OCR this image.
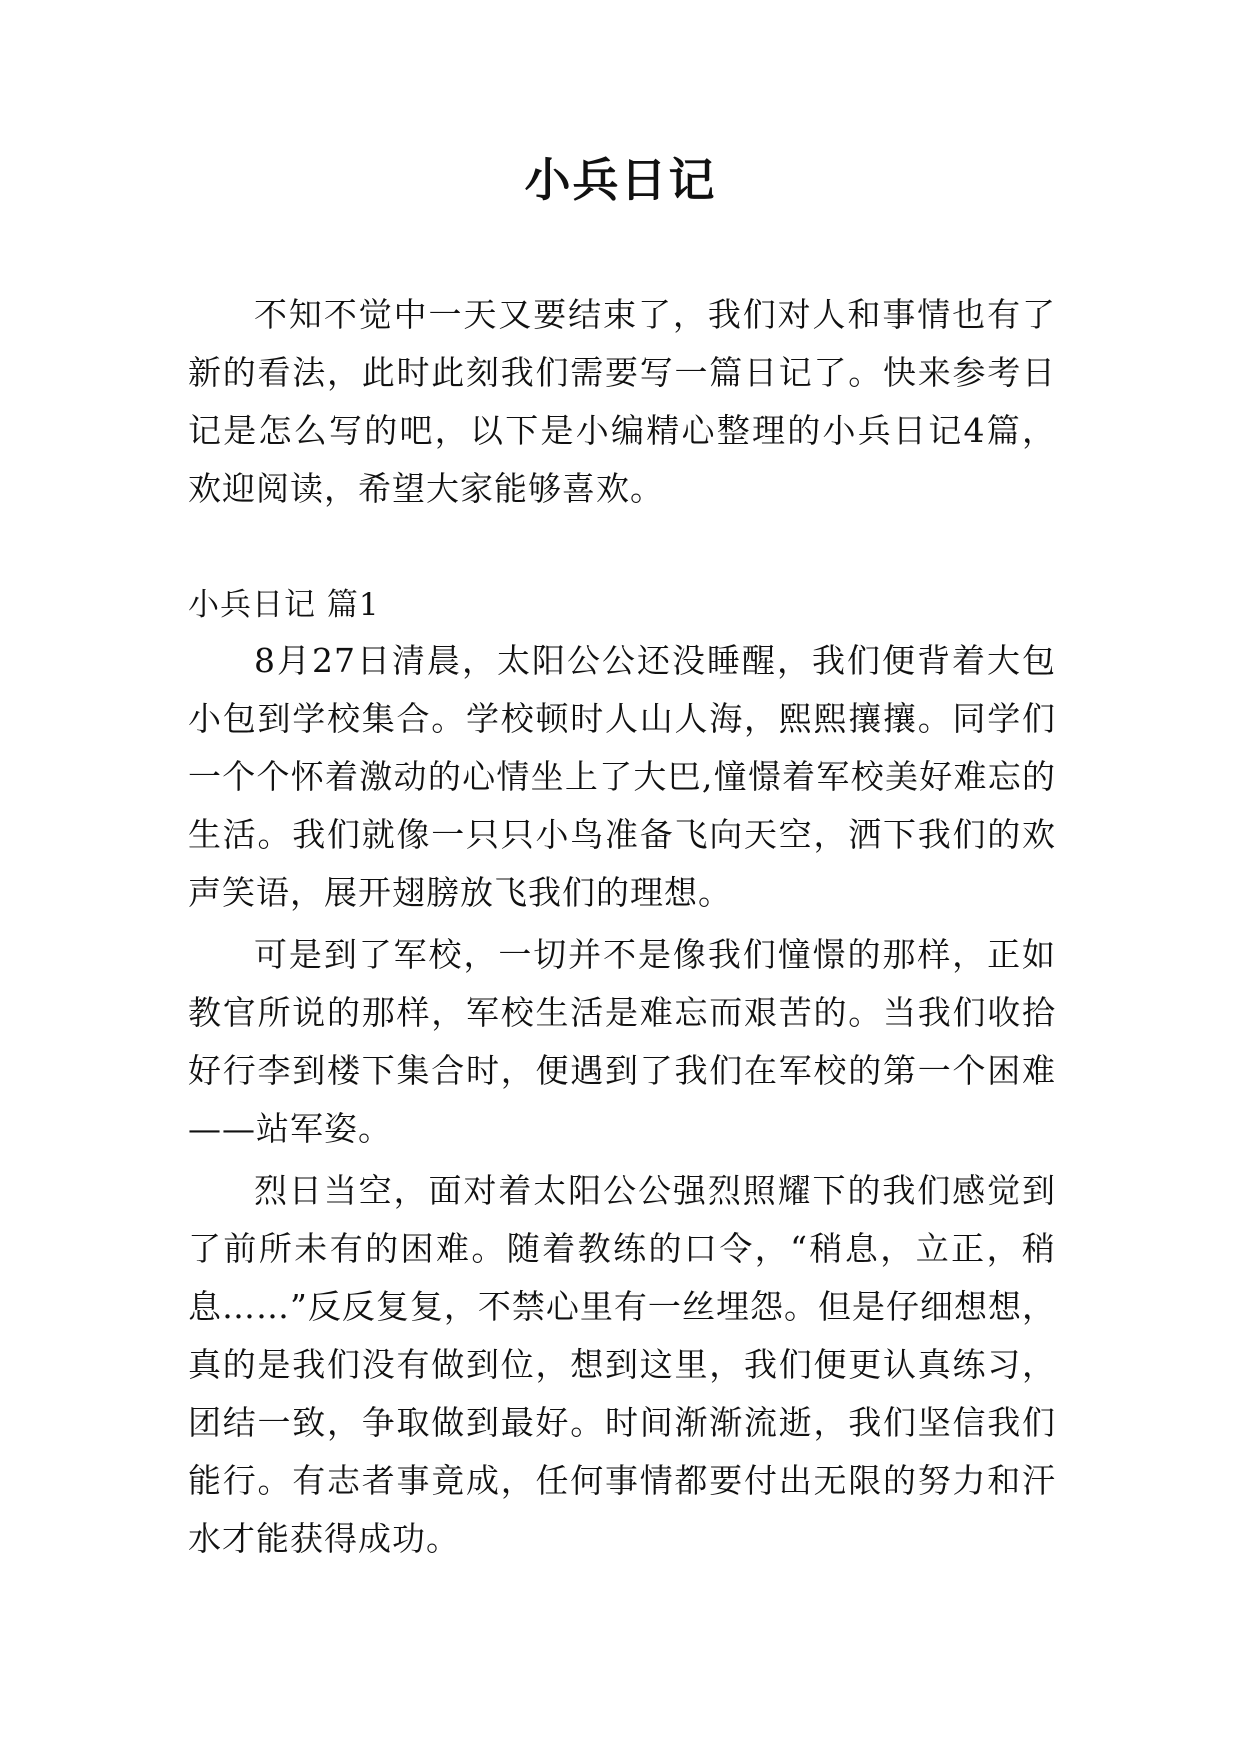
小兵日记

不知不觉中一天又要结束了，我们对人和事情也有了新的看法，此时此刻我们需要写一篇日记了。快来参考日记是怎么写的吧，以下是小编精心整理的小兵日记4篇，欢迎阅读，希望大家能够喜欢。

小兵日记 篇1

8月27日清晨，太阳公公还没睡醒，我们便背着大包小包到学校集合。学校顿时人山人海，熙熙攘攘。同学们一个个怀着激动的心情坐上了大巴,憧憬着军校美好难忘的生活。我们就像一只只小鸟准备飞向天空，洒下我们的欢声笑语，展开翅膀放飞我们的理想。

可是到了军校，一切并不是像我们憧憬的那样，正如教官所说的那样，军校生活是难忘而艰苦的。当我们收拾好行李到楼下集合时，便遇到了我们在军校的第一个困难——站军姿。

烈日当空，面对着太阳公公强烈照耀下的我们感觉到了前所未有的困难。随着教练的口令，“稍息，立正，稍息……”反反复复，不禁心里有一丝埋怨。但是仔细想想，真的是我们没有做到位，想到这里，我们便更认真练习，团结一致，争取做到最好。时间渐渐流逝，我们坚信我们能行。有志者事竟成，任何事情都要付出无限的努力和汗水才能获得成功。
